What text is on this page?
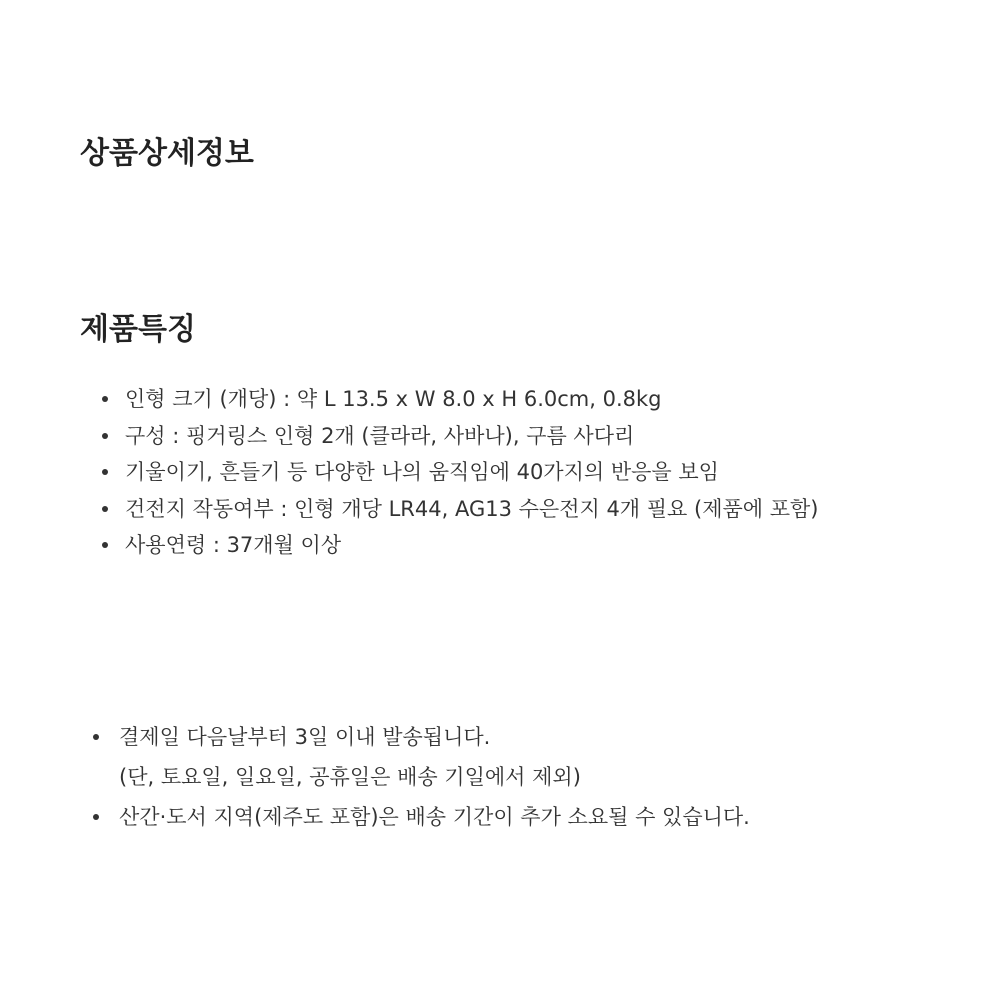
상품상세정보
제품특징
인형 크기 (개당) : 약 L 13.5 x W 8.0 x H 6.0cm, 0.8kg
구성 : 핑거링스 인형 2개 (클라라, 사바나), 구름 사다리
기울이기, 흔들기 등 다양한 나의 움직임에 40가지의 반응을 보임
건전지 작동여부 : 인형 개당 LR44, AG13 수은전지 4개 필요 (제품에 포함)
사용연령 : 37개월 이상
결제일 다음날부터 3일 이내 발송됩니다.
(단, 토요일, 일요일, 공휴일은 배송 기일에서 제외)
산간·도서 지역(제주도 포함)은 배송 기간이 추가 소요될 수 있습니다.
